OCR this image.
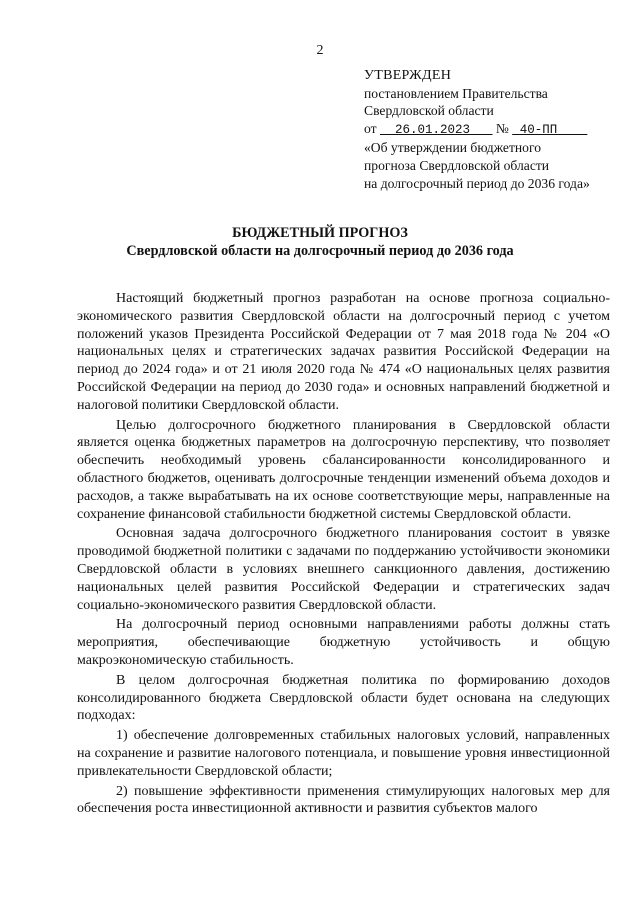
2
УТВЕРЖДЕН
постановлением Правительства
Свердловской области
от __26.01.2023___ № _40-ПП____
«Об утверждении бюджетного
прогноза Свердловской области
на долгосрочный период до 2036 года»
БЮДЖЕТНЫЙ ПРОГНОЗ
Свердловской области на долгосрочный период до 2036 года

Настоящий бюджетный прогноз разработан на основе прогноза социально-экономического развития Свердловской области на долгосрочный период с учетом положений указов Президента Российской Федерации от 7 мая 2018 года № 204 «О национальных целях и стратегических задачах развития Российской Федерации на период до 2024 года» и от 21 июля 2020 года № 474 «О национальных целях развития Российской Федерации на период до 2030 года» и основных направлений бюджетной и налоговой политики Свердловской области.

Целью долгосрочного бюджетного планирования в Свердловской области является оценка бюджетных параметров на долгосрочную перспективу, что позволяет обеспечить необходимый уровень сбалансированности консолидированного и областного бюджетов, оценивать долгосрочные тенденции изменений объема доходов и расходов, а также вырабатывать на их основе соответствующие меры, направленные на сохранение финансовой стабильности бюджетной системы Свердловской области.

Основная задача долгосрочного бюджетного планирования состоит в увязке проводимой бюджетной политики с задачами по поддержанию устойчивости экономики Свердловской области в условиях внешнего санкционного давления, достижению национальных целей развития Российской Федерации и стратегических задач социально-экономического развития Свердловской области.

На долгосрочный период основными направлениями работы должны стать мероприятия, обеспечивающие бюджетную устойчивость и общую макроэкономическую стабильность.

В целом долгосрочная бюджетная политика по формированию доходов консолидированного бюджета Свердловской области будет основана на следующих подходах:

1) обеспечение долговременных стабильных налоговых условий, направленных на сохранение и развитие налогового потенциала, и повышение уровня инвестиционной привлекательности Свердловской области;

2) повышение эффективности применения стимулирующих налоговых мер для обеспечения роста инвестиционной активности и развития субъектов малого
